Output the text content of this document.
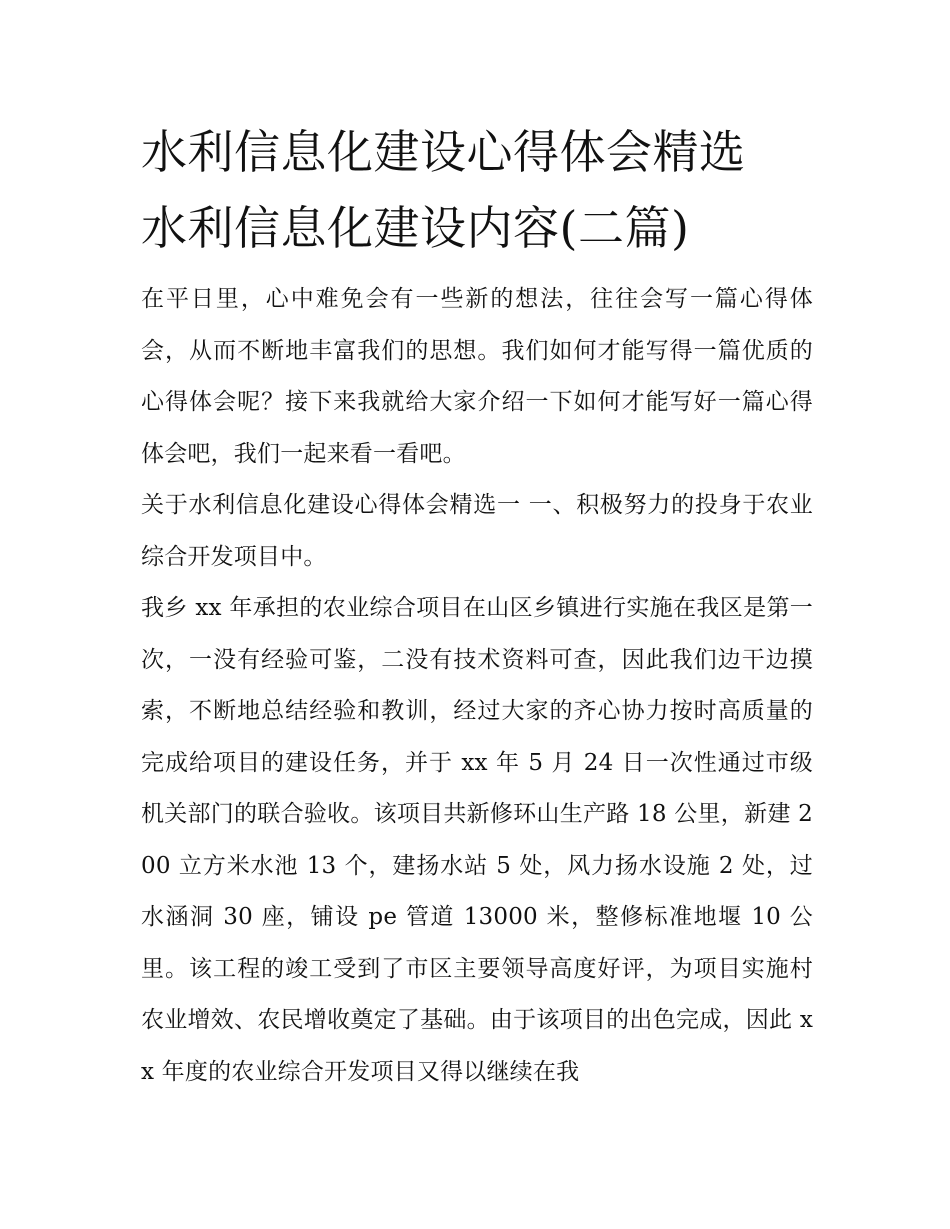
水利信息化建设心得体会精选
水利信息化建设内容(二篇)

在平日里，心中难免会有一些新的想法，往往会写一篇心得体会，从而不断地丰富我们的思想。我们如何才能写得一篇优质的心得体会呢？接下来我就给大家介绍一下如何才能写好一篇心得体会吧，我们一起来看一看吧。

关于水利信息化建设心得体会精选一 一、积极努力的投身于农业综合开发项目中。

我乡 xx 年承担的农业综合项目在山区乡镇进行实施在我区是第一次，一没有经验可鉴，二没有技术资料可查，因此我们边干边摸索，不断地总结经验和教训，经过大家的齐心协力按时高质量的完成给项目的建设任务，并于 xx 年 5 月 24 日一次性通过市级机关部门的联合验收。该项目共新修环山生产路 18 公里，新建 200 立方米水池 13 个，建扬水站 5 处，风力扬水设施 2 处，过水涵洞 30 座，铺设 pe 管道 13000 米，整修标准地堰 10 公里。该工程的竣工受到了市区主要领导高度好评，为项目实施村农业增效、农民增收奠定了基础。由于该项目的出色完成，因此 xx 年度的农业综合开发项目又得以继续在我
